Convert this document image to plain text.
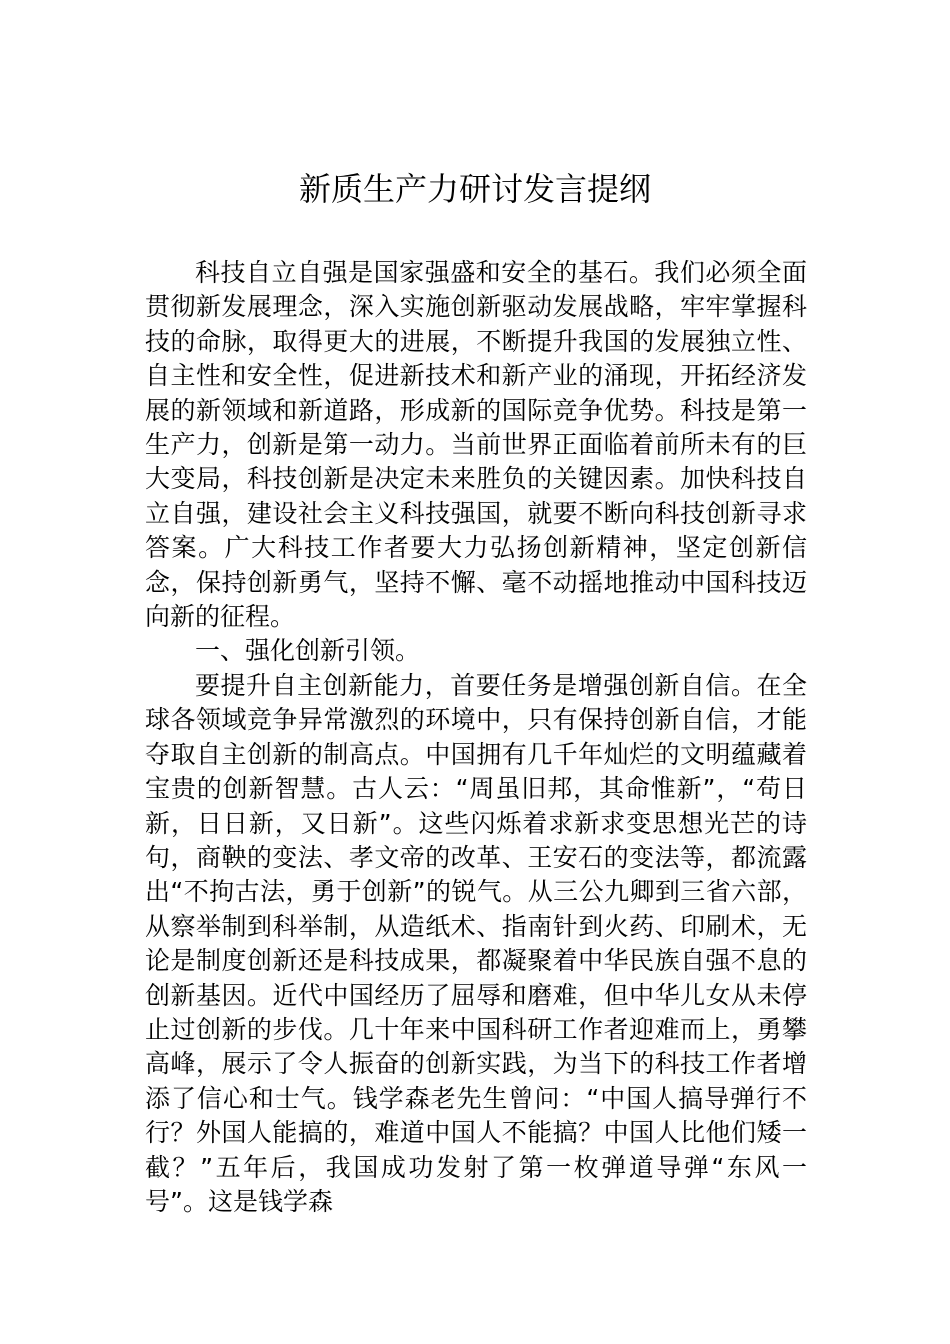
新质生产力研讨发言提纲

科技自立自强是国家强盛和安全的基石。我们必须全面贯彻新发展理念，深入实施创新驱动发展战略，牢牢掌握科技的命脉，取得更大的进展，不断提升我国的发展独立性、自主性和安全性，促进新技术和新产业的涌现，开拓经济发展的新领域和新道路，形成新的国际竞争优势。科技是第一生产力，创新是第一动力。当前世界正面临着前所未有的巨大变局，科技创新是决定未来胜负的关键因素。加快科技自立自强，建设社会主义科技强国，就要不断向科技创新寻求答案。广大科技工作者要大力弘扬创新精神，坚定创新信念，保持创新勇气，坚持不懈、毫不动摇地推动中国科技迈向新的征程。

一、强化创新引领。

要提升自主创新能力，首要任务是增强创新自信。在全球各领域竞争异常激烈的环境中，只有保持创新自信，才能夺取自主创新的制高点。中国拥有几千年灿烂的文明蕴藏着宝贵的创新智慧。古人云：“周虽旧邦，其命惟新”，“苟日新，日日新，又日新”。这些闪烁着求新求变思想光芒的诗句，商鞅的变法、孝文帝的改革、王安石的变法等，都流露出“不拘古法，勇于创新”的锐气。从三公九卿到三省六部，从察举制到科举制，从造纸术、指南针到火药、印刷术，无论是制度创新还是科技成果，都凝聚着中华民族自强不息的创新基因。近代中国经历了屈辱和磨难，但中华儿女从未停止过创新的步伐。几十年来中国科研工作者迎难而上，勇攀高峰，展示了令人振奋的创新实践，为当下的科技工作者增添了信心和士气。钱学森老先生曾问：“中国人搞导弹行不行？外国人能搞的，难道中国人不能搞？中国人比他们矮一截？”五年后，我国成功发射了第一枚弹道导弹“东风一号”。这是钱学森
